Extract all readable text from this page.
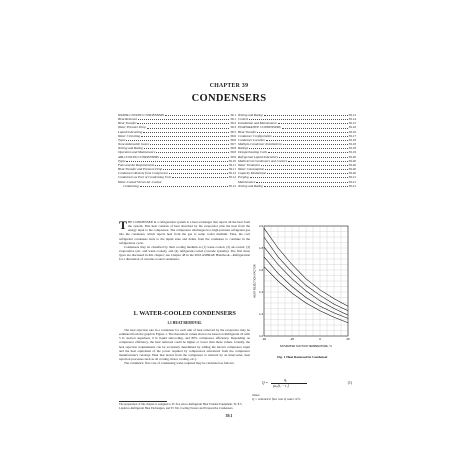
CHAPTER 39
CONDENSERS
WATER-COOLED CONDENSERS	39.1
Heat Removal	39.1
Heat Transfer	39.2
Water Pressure Drop	39.3
Liquid Subcooling	39.5
Water Circuiting	39.6
Types	39.6
Noncondensable Gases	39.7
Testing and Rating	39.8
Operation and Maintenance	39.8
AIR-COOLED CONDENSERS	39.9
Types	39.10
Fans and Air Requirements	39.11
Heat Transfer and Pressure Drop	39.11
Condensers Remote from Compressor	39.12
Condensers as Part of Condensing Unit	39.12
Water-Cooled Versus Air-Cooled
Condensing	39.12
Testing and Rating	39.12
Control	39.14
Installation and Maintenance	39.15
EVAPORATIVE CONDENSERS	39.16
Heat Transfer	39.16
Condenser Configuration	39.17
Condenser Location	39.18
Multiple-Condenser Installations	39.18
Ratings	39.18
Desuperheating Coils	39.19
Refrigerant Liquid Subcoolers	39.20
Multicircuit Condensers and Coolers	39.20
Water Treatment	39.20
Water Consumption	39.20
Capacity Modulation	39.20
Purging	39.21
Maintenance	39.21
Testing and Rating	39.21

THE CONDENSER in a refrigeration system is a heat exchanger that rejects all the heat from the system. This heat consists of heat absorbed by the evaporator plus the heat from the energy input to the compressor. The compressor discharges hot, high-pressure refrigerant gas into the condenser, which rejects heat from the gas to some cooler medium. Thus, the cool refrigerant condenses back to the liquid state and drains from the condenser to continue in the refrigeration cycle.

Condensers may be classified by their cooling medium as (1) water-cooled, (2) air-cooled, (3) evaporative (air- and water-cooled), and (4) refrigerant-cooled (cascade systems). The first three types are discussed in this chapter; see Chapter 48 in the 2016 ASHRAE Handbook—Refrigeration for a discussion of cascade-cooled condensers.

1. WATER-COOLED CONDENSERS
1.1 HEAT REMOVAL

The heat rejection rate in a condenser for each unit of heat removed by the evaporator may be estimated from the graph in Figure 1. The theoretical values shown are based on Refrigerant 22 with 5 K suction superheat, 0 K liquid subcooling, and 80% compressor efficiency. Depending on compressor efficiency, the heat removed could be higher or lower than these values. Usually, the heat rejection requirements can be accurately determined by adding the known compressor input and the heat equivalent of the power required by compressors referenced from the compressor manufacturer's catalogs. Heat that leaves from the compressor is reduced by an intercooler, heat rejection processes such as oil cooling, motor cooling, etc.).

The volumetric flow rate of condensing water required may be calculated as follows:

The preparation of this chapter is assigned to TC 8.4, Air-to-Refrigerant Heat Transfer Equipment, TC 8.5, Liquid-to-Refrigerant Heat Exchangers, and TC 8.6, Cooling Towers and Evaporative Condensers.
-40	-20	0	20
2.0
1.8
1.6
1.4
1.2
1.0
HEAT REJECTION FACTOR
SATURATED SUCTION TEMPERATURE, °C
Fig. 1 Heat Removed in Condenser
Q =
qₓ
ρcₚ(t₂ − t₁)
(1)
where
Q = volumetric flow rate of water, m³/s
39.1
